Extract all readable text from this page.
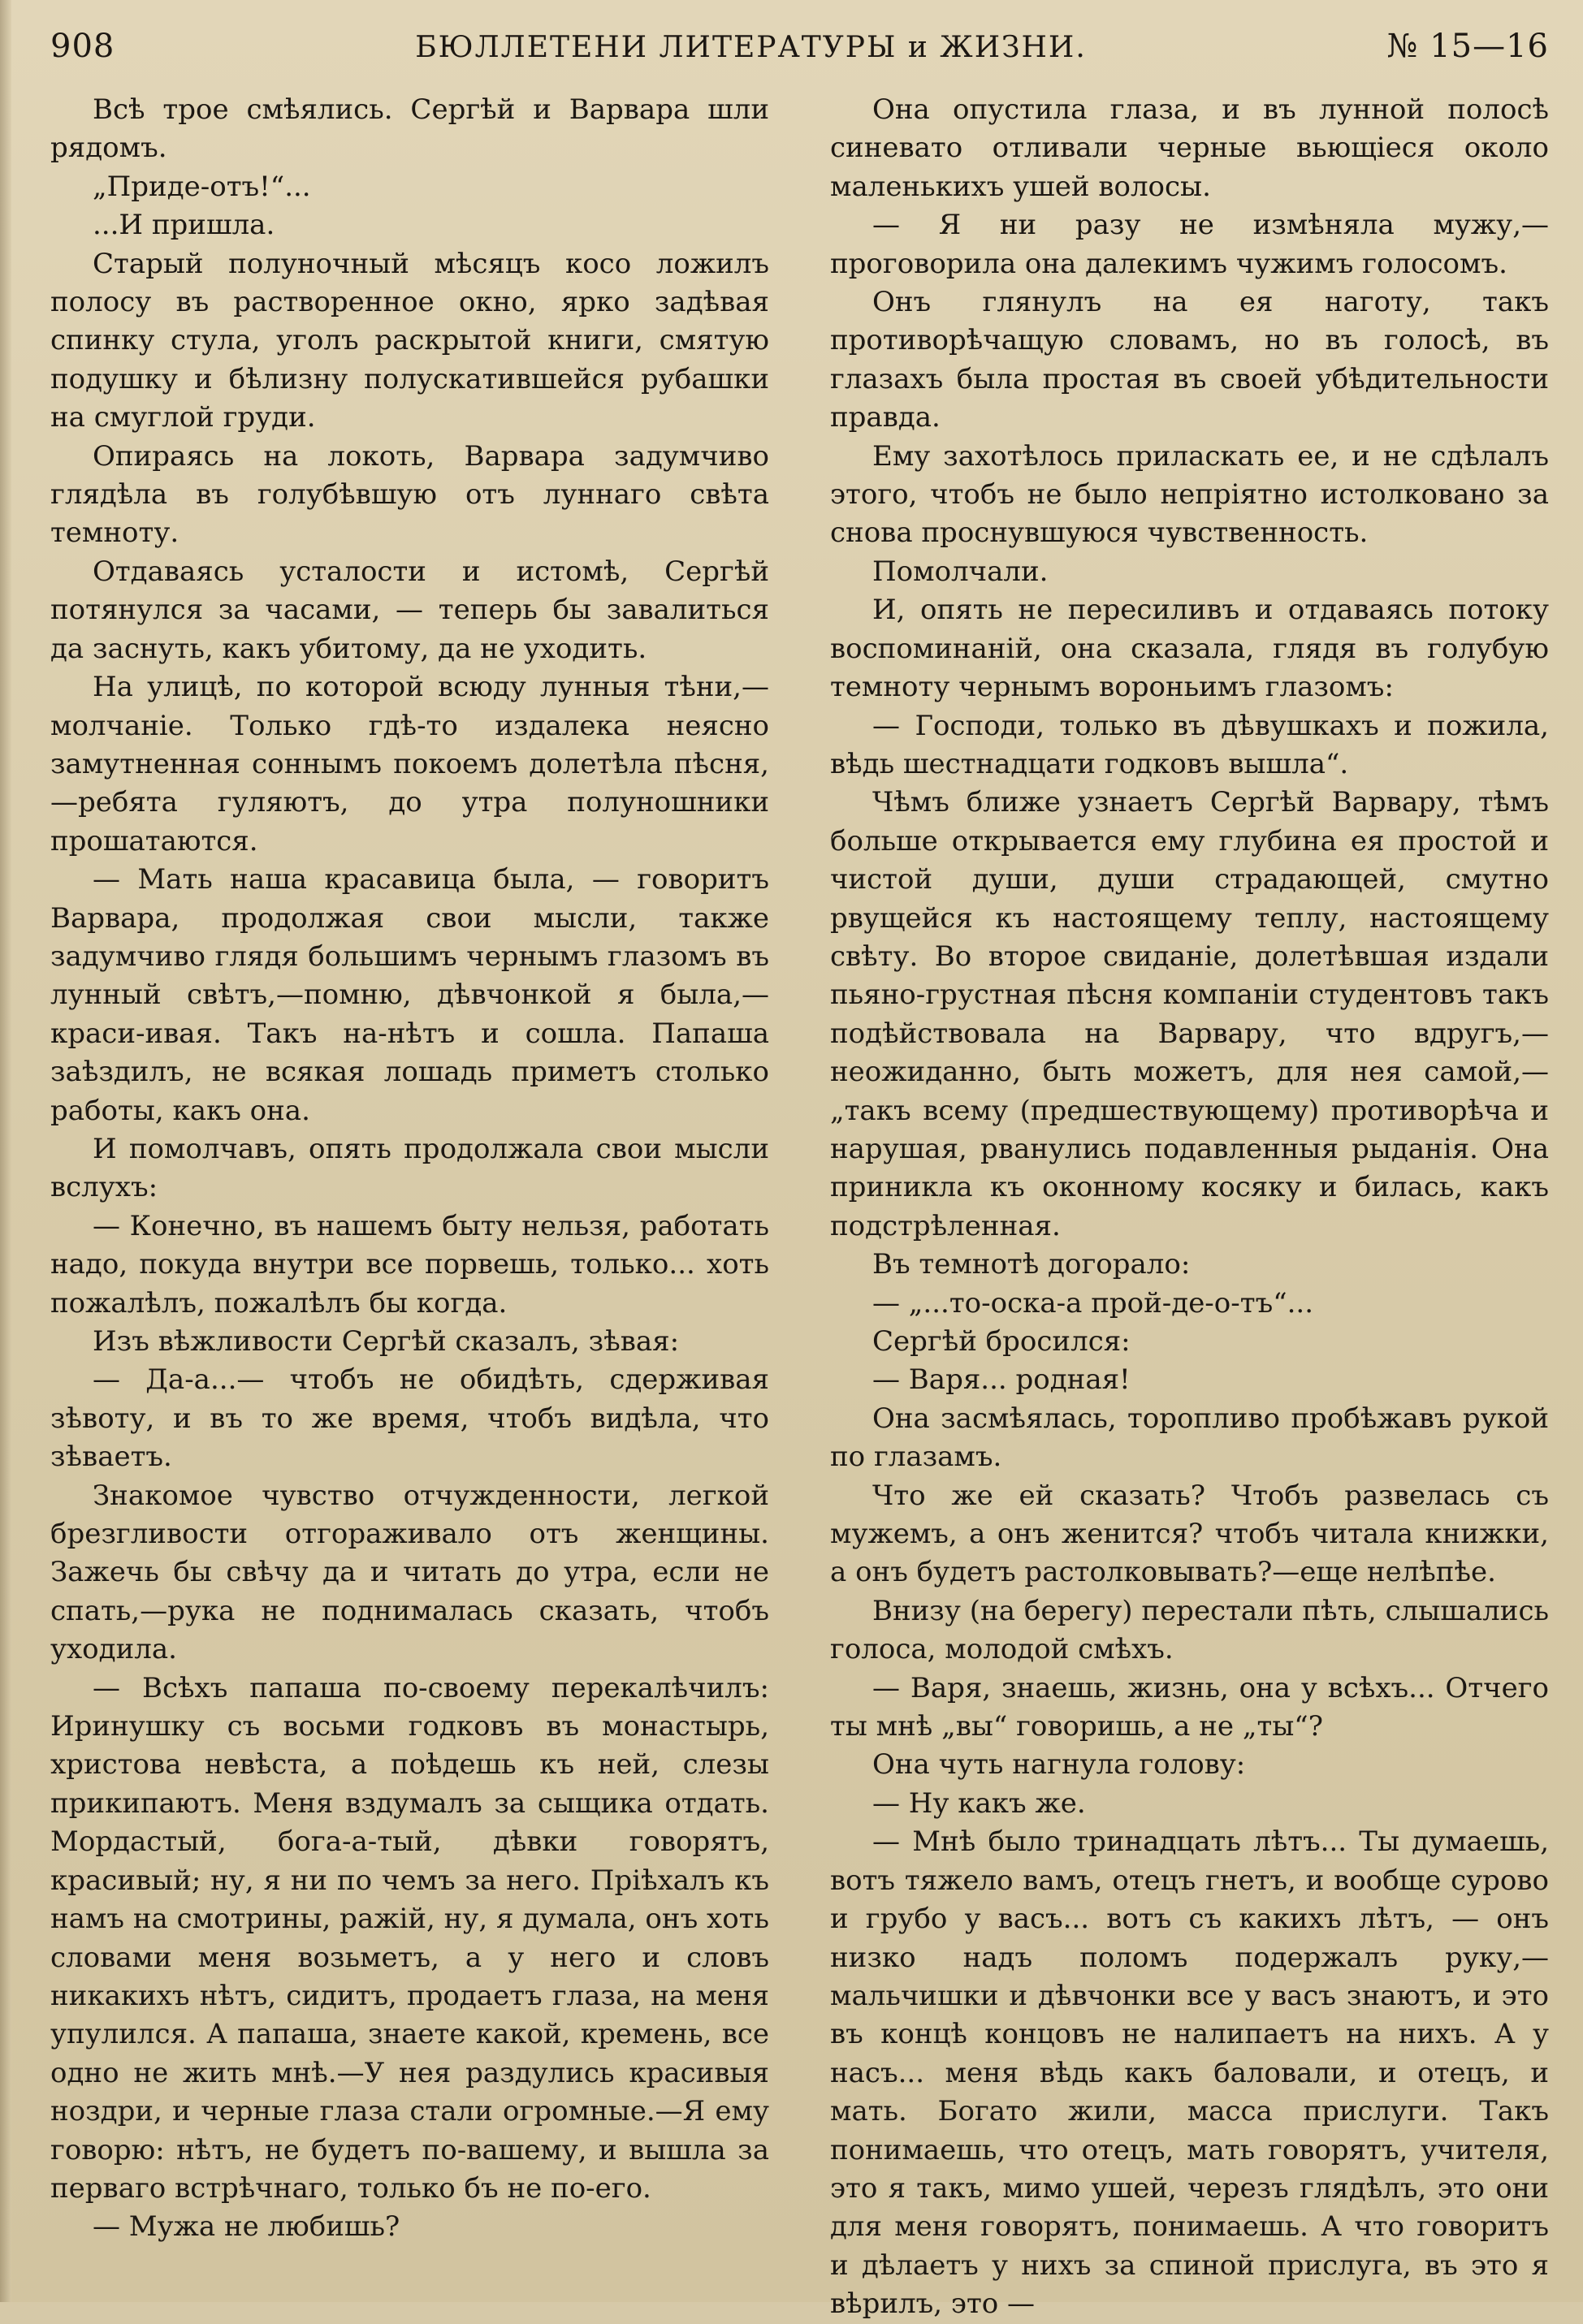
908	БЮЛЛЕТЕНИ ЛИТЕРАТУРЫ и ЖИЗНИ.	№ 15—16

Всѣ трое смѣялись. Сергѣй и Варвара шли рядомъ.

„Приде-отъ!“...

...И пришла.

Старый полуночный мѣсяцъ косо ложилъ полосу въ растворенное окно, ярко задѣвая спинку стула, уголъ раскрытой книги, смятую подушку и бѣлизну полускатившейся рубашки на смуглой груди.

Опираясь на локоть, Варвара задумчиво глядѣла въ голубѣвшую отъ луннаго свѣта темноту.

Отдаваясь усталости и истомѣ, Сергѣй потянулся за часами, — теперь бы завалиться да заснуть, какъ убитому, да не уходить.

На улицѣ, по которой всюду лунныя тѣни,—молчаніе. Только гдѣ-то издалека неясно замутненная соннымъ покоемъ долетѣла пѣсня,—ребята гуляютъ, до утра полуношники прошатаются.

— Мать наша красавица была, — говоритъ Варвара, продолжая свои мысли, также задумчиво глядя большимъ чернымъ глазомъ въ лунный свѣтъ,—помню, дѣвчонкой я была,— краси-ивая. Такъ на-нѣтъ и сошла. Папаша заѣздилъ, не всякая лошадь приметъ столько работы, какъ она.

И помолчавъ, опять продолжала свои мысли вслухъ:

— Конечно, въ нашемъ быту нельзя, работать надо, покуда внутри все порвешь, только... хоть пожалѣлъ, пожалѣлъ бы когда.

Изъ вѣжливости Сергѣй сказалъ, зѣвая:

— Да-а...— чтобъ не обидѣть, сдерживая зѣвоту, и въ то же время, чтобъ видѣла, что зѣваетъ.

Знакомое чувство отчужденности, легкой брезгливости отгораживало отъ женщины. Зажечь бы свѣчу да и читать до утра, если не спать,—рука не поднималась сказать, чтобъ уходила.

— Всѣхъ папаша по-своему перекалѣчилъ: Иринушку съ восьми годковъ въ монастырь, христова невѣста, а поѣдешь къ ней, слезы прикипаютъ. Меня вздумалъ за сыщика отдать. Мордастый, бога-а-тый, дѣвки говорятъ, красивый; ну, я ни по чемъ за него. Пріѣхалъ къ намъ на смотрины, ражій, ну, я думала, онъ хоть словами меня возьметъ, а у него и словъ никакихъ нѣтъ, сидитъ, продаетъ глаза, на меня упулился. А папаша, знаете какой, кремень, все одно не жить мнѣ.—У нея раздулись красивыя ноздри, и черные глаза стали огромные.—Я ему говорю: нѣтъ, не будетъ по-вашему, и вышла за перваго встрѣчнаго, только бъ не по-его.

— Мужа не любишь?

Она опустила глаза, и въ лунной полосѣ синевато отливали черные вьющіеся около маленькихъ ушей волосы.

— Я ни разу не измѣняла мужу,— проговорила она далекимъ чужимъ голосомъ.

Онъ глянулъ на ея наготу, такъ противорѣчащую словамъ, но въ голосѣ, въ глазахъ была простая въ своей убѣдительности правда.

Ему захотѣлось приласкать ее, и не сдѣлалъ этого, чтобъ не было непріятно истолковано за снова проснувшуюся чувственность.

Помолчали.

И, опять не пересиливъ и отдаваясь потоку воспоминаній, она сказала, глядя въ голубую темноту чернымъ вороньимъ глазомъ:

— Господи, только въ дѣвушкахъ и пожила, вѣдь шестнадцати годковъ вышла“.

Чѣмъ ближе узнаетъ Сергѣй Варвару, тѣмъ больше открывается ему глубина ея простой и чистой души, души страдающей, смутно рвущейся къ настоящему теплу, настоящему свѣту. Во второе свиданіе, долетѣвшая издали пьяно-грустная пѣсня компаніи студентовъ такъ подѣйствовала на Варвару, что вдругъ,— неожиданно, быть можетъ, для нея самой,— „такъ всему (предшествующему) противорѣча и нарушая, рванулись подавленныя рыданія. Она приникла къ оконному косяку и билась, какъ подстрѣленная.

Въ темнотѣ догорало:

— „...то-оска-а прой-де-о-тъ“...

Сергѣй бросился:

— Варя... родная!

Она засмѣялась, торопливо пробѣжавъ рукой по глазамъ.

Что же ей сказать? Чтобъ развелась съ мужемъ, а онъ женится? чтобъ читала книжки, а онъ будетъ растолковывать?—еще нелѣпѣе.

Внизу (на берегу) перестали пѣть, слышались голоса, молодой смѣхъ.

— Варя, знаешь, жизнь, она у всѣхъ... Отчего ты мнѣ „вы“ говоришь, а не „ты“?

Она чуть нагнула голову:

— Ну какъ же.

— Мнѣ было тринадцать лѣтъ... Ты думаешь, вотъ тяжело вамъ, отецъ гнетъ, и вообще сурово и грубо у васъ... вотъ съ какихъ лѣтъ, — онъ низко надъ поломъ подержалъ руку,—мальчишки и дѣвчонки все у васъ знаютъ, и это въ концѣ концовъ не налипаетъ на нихъ. А у насъ... меня вѣдь какъ баловали, и отецъ, и мать. Богато жили, масса прислуги. Такъ понимаешь, что отецъ, мать говорятъ, учителя, это я такъ, мимо ушей, черезъ глядѣлъ, это они для меня говорятъ, понимаешь. А что говоритъ и дѣлаетъ у нихъ за спиной прислуга, въ это я вѣрилъ, это —
